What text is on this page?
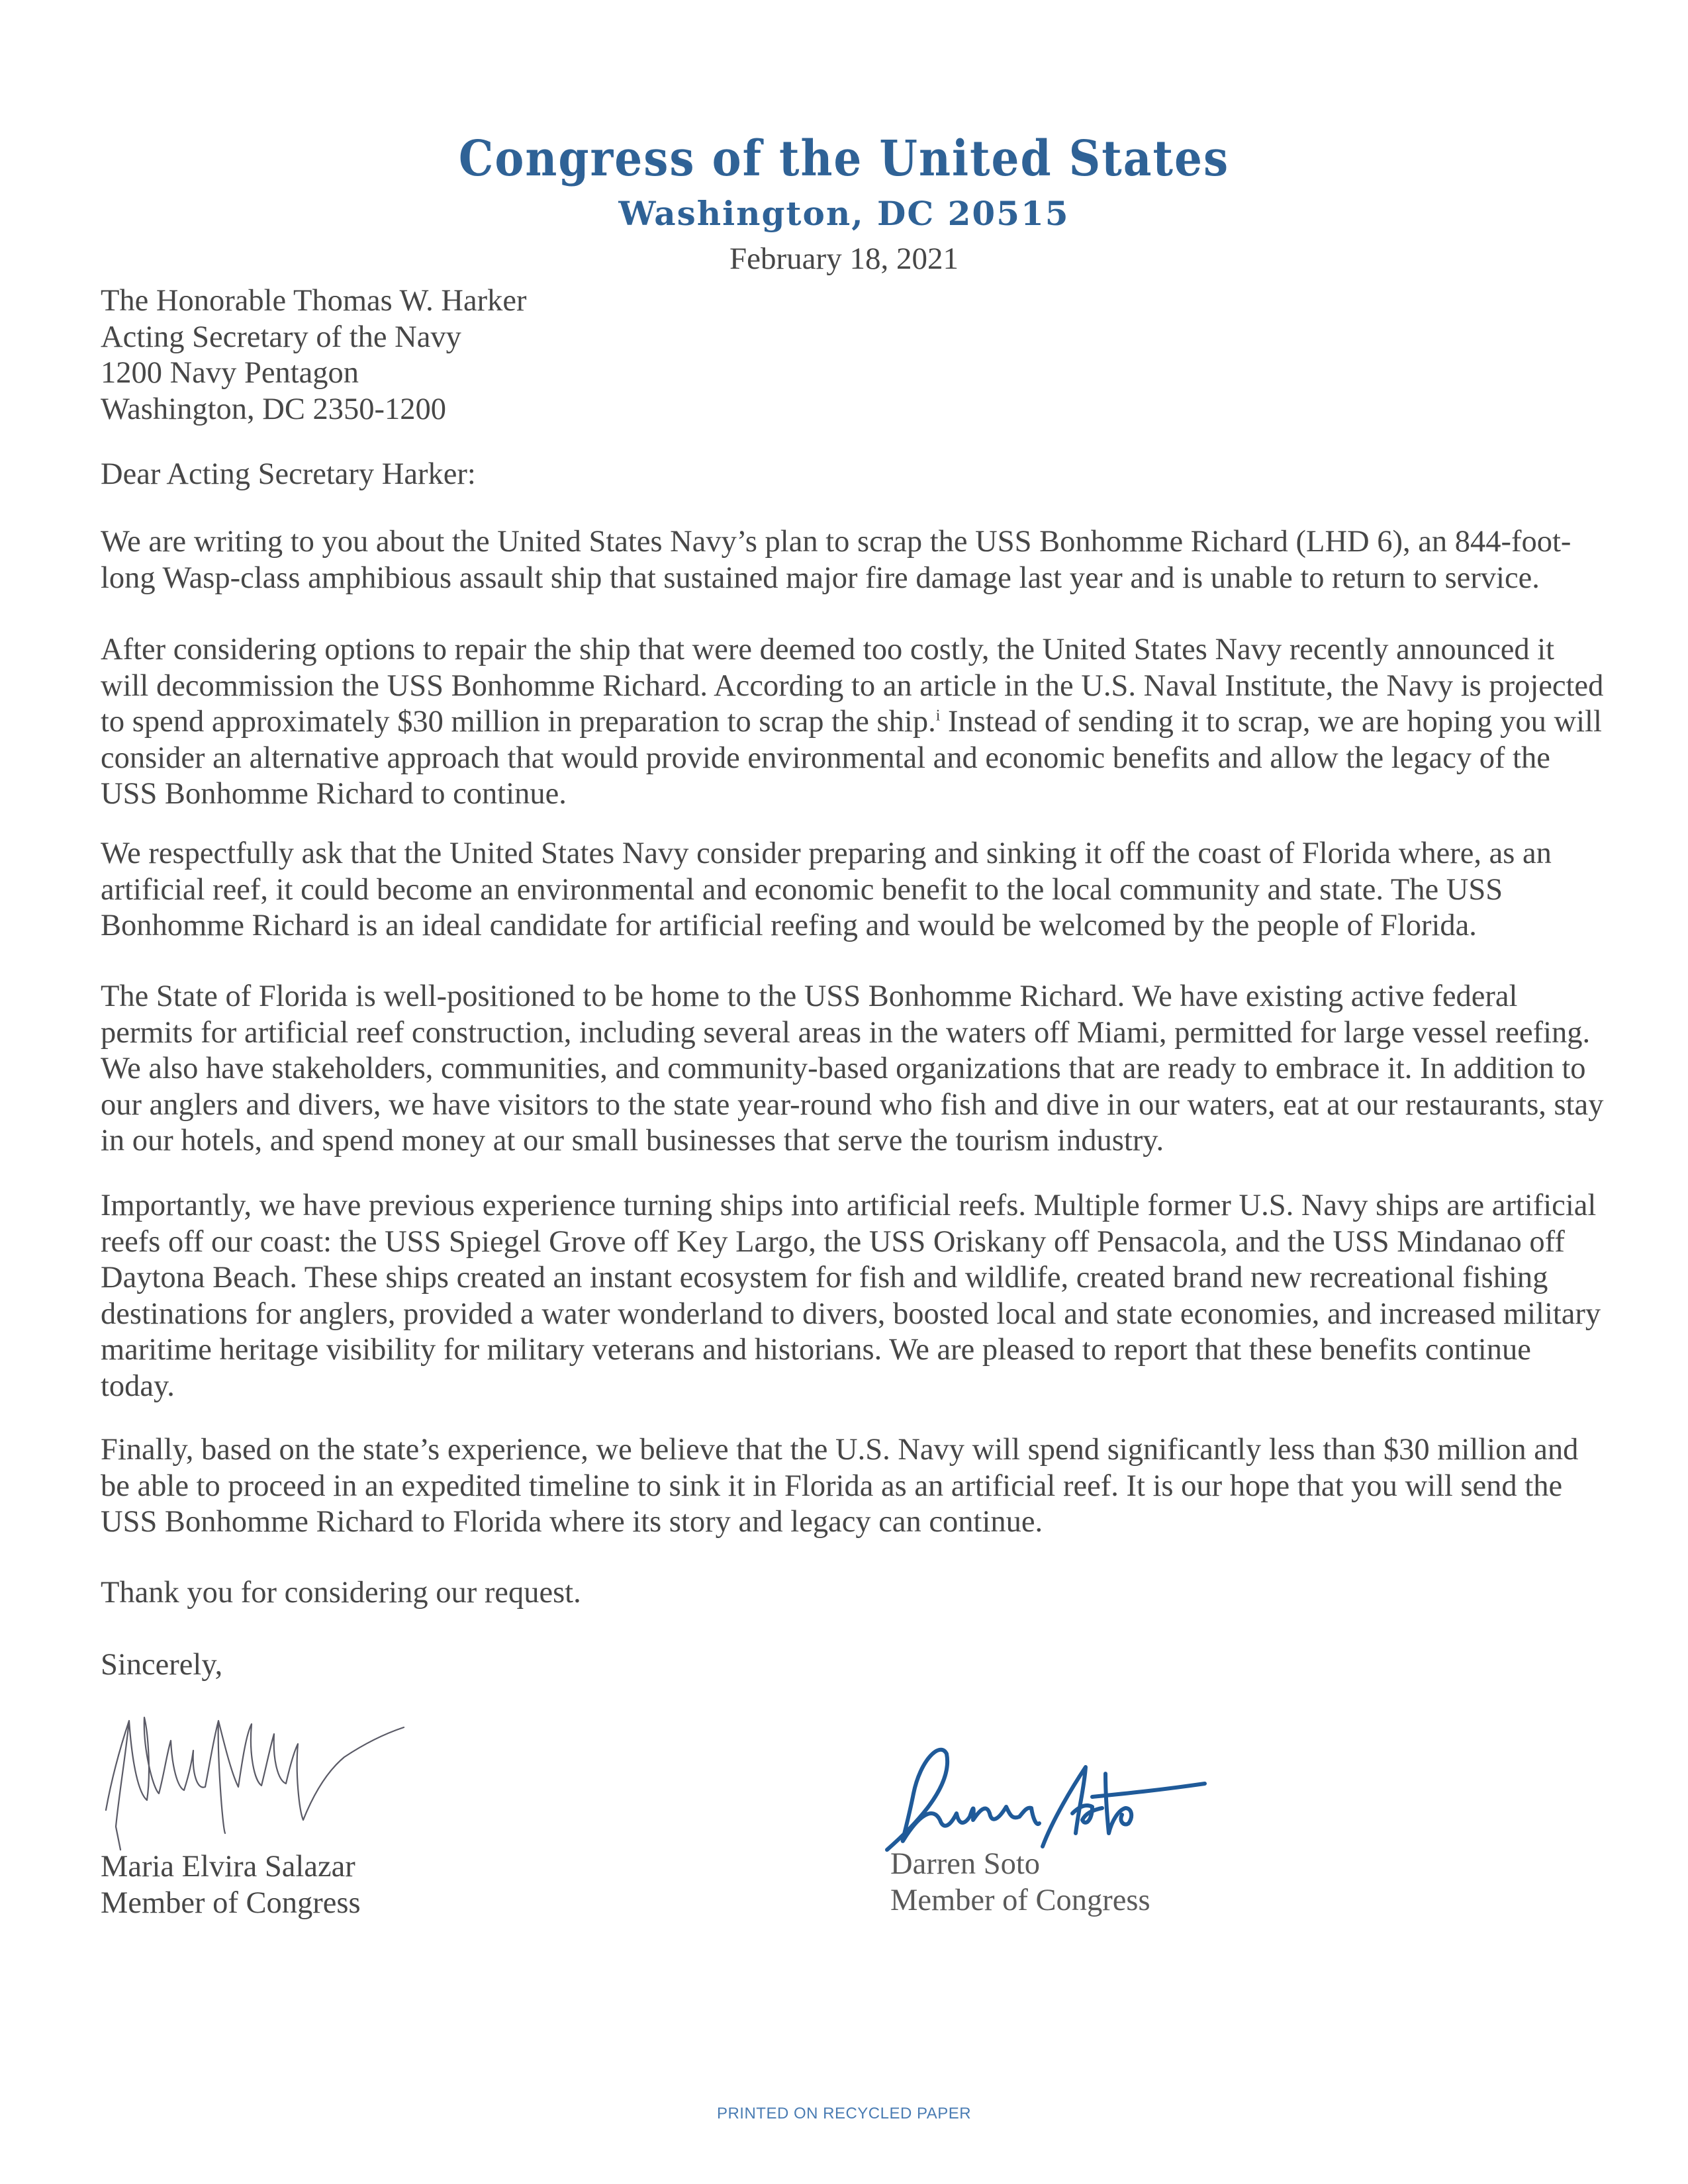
Congress of the United States
Washington, DC 20515
February 18, 2021
The Honorable Thomas W. Harker
Acting Secretary of the Navy
1200 Navy Pentagon
Washington, DC 2350-1200
Dear Acting Secretary Harker:
We are writing to you about the United States Navy’s plan to scrap the USS Bonhomme Richard (LHD 6), an 844-foot-
long Wasp-class amphibious assault ship that sustained major fire damage last year and is unable to return to service.
After considering options to repair the ship that were deemed too costly, the United States Navy recently announced it
will decommission the USS Bonhomme Richard. According to an article in the U.S. Naval Institute, the Navy is projected
to spend approximately $30 million in preparation to scrap the ship.$^i$ Instead of sending it to scrap, we are hoping you will
consider an alternative approach that would provide environmental and economic benefits and allow the legacy of the
USS Bonhomme Richard to continue.
We respectfully ask that the United States Navy consider preparing and sinking it off the coast of Florida where, as an
artificial reef, it could become an environmental and economic benefit to the local community and state. The USS
Bonhomme Richard is an ideal candidate for artificial reefing and would be welcomed by the people of Florida.
The State of Florida is well-positioned to be home to the USS Bonhomme Richard. We have existing active federal
permits for artificial reef construction, including several areas in the waters off Miami, permitted for large vessel reefing.
We also have stakeholders, communities, and community-based organizations that are ready to embrace it. In addition to
our anglers and divers, we have visitors to the state year-round who fish and dive in our waters, eat at our restaurants, stay
in our hotels, and spend money at our small businesses that serve the tourism industry.
Importantly, we have previous experience turning ships into artificial reefs. Multiple former U.S. Navy ships are artificial
reefs off our coast: the USS Spiegel Grove off Key Largo, the USS Oriskany off Pensacola, and the USS Mindanao off
Daytona Beach. These ships created an instant ecosystem for fish and wildlife, created brand new recreational fishing
destinations for anglers, provided a water wonderland to divers, boosted local and state economies, and increased military
maritime heritage visibility for military veterans and historians. We are pleased to report that these benefits continue
today.
Finally, based on the state’s experience, we believe that the U.S. Navy will spend significantly less than $30 million and
be able to proceed in an expedited timeline to sink it in Florida as an artificial reef. It is our hope that you will send the
USS Bonhomme Richard to Florida where its story and legacy can continue.
Thank you for considering our request.
Sincerely,
Maria Elvira Salazar
Member of Congress
Darren Soto
Member of Congress
PRINTED ON RECYCLED PAPER
